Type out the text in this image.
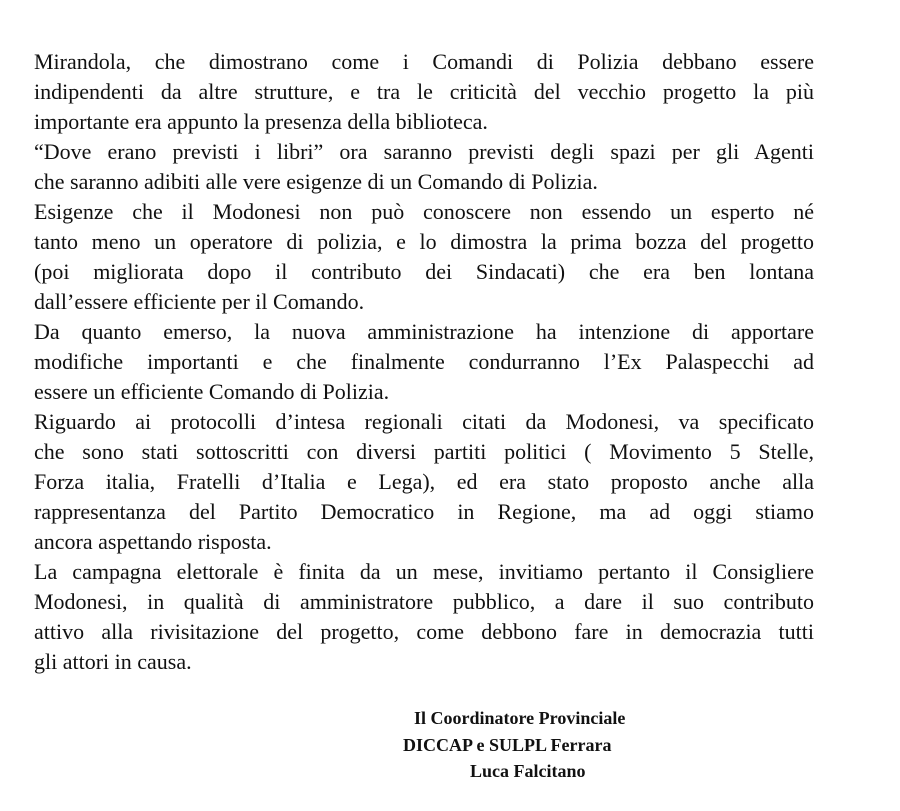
Mirandola, che dimostrano come i Comandi di Polizia debbano essere
indipendenti da altre strutture, e tra le criticità del vecchio progetto la più
importante era appunto la presenza della biblioteca.
“Dove erano previsti i libri” ora saranno previsti degli spazi per gli Agenti
che saranno adibiti alle vere esigenze di un Comando di Polizia.
Esigenze che il Modonesi non può conoscere non essendo un esperto né
tanto meno un operatore di polizia, e lo dimostra la prima bozza del progetto
(poi migliorata dopo il contributo dei Sindacati) che era ben lontana
dall’essere efficiente per il Comando.
Da quanto emerso, la nuova amministrazione ha intenzione di apportare
modifiche importanti e che finalmente condurranno l’Ex Palaspecchi ad
essere un efficiente Comando di Polizia.
Riguardo ai protocolli d’intesa regionali citati da Modonesi, va specificato
che sono stati sottoscritti con diversi partiti politici ( Movimento 5 Stelle,
Forza italia, Fratelli d’Italia e Lega), ed era stato proposto anche alla
rappresentanza del Partito Democratico in Regione, ma ad oggi stiamo
ancora aspettando risposta.
La campagna elettorale è finita da un mese, invitiamo pertanto il Consigliere
Modonesi, in qualità di amministratore pubblico, a dare il suo contributo
attivo alla rivisitazione del progetto, come debbono fare in democrazia tutti
gli attori in causa.
Il Coordinatore Provinciale
DICCAP e SULPL Ferrara
Luca Falcitano
